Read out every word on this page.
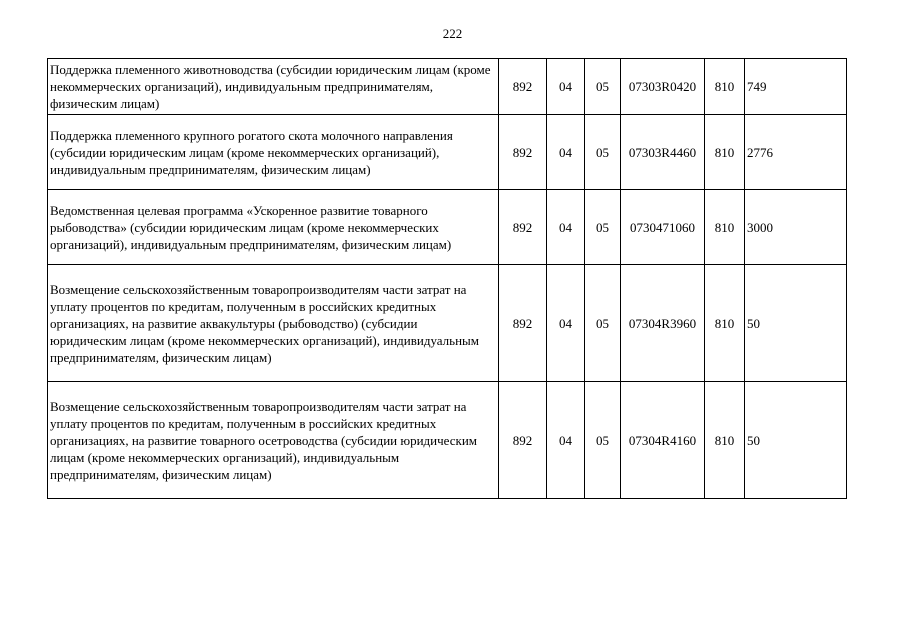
222
Поддержка племенного животноводства (субсидии юридическим лицам (кроме некоммерческих организаций), индивидуальным предпринимателям, физическим лицам)	892	04	05	07303R0420	810	749
Поддержка племенного крупного рогатого скота молочного направления (субсидии юридическим лицам (кроме некоммерческих организаций), индивидуальным предпринимателям, физическим лицам)	892	04	05	07303R4460	810	2776
Ведомственная целевая программа «Ускоренное развитие товарного рыбоводства» (субсидии юридическим лицам (кроме некоммерческих организаций), индивидуальным предпринимателям, физическим лицам)	892	04	05	0730471060	810	3000
Возмещение сельскохозяйственным товаропроизводителям части затрат на уплату процентов по кредитам, полученным в российских кредитных организациях, на развитие аквакультуры (рыбоводство) (субсидии юридическим лицам (кроме некоммерческих организаций), индивидуальным предпринимателям, физическим лицам)	892	04	05	07304R3960	810	50
Возмещение сельскохозяйственным товаропроизводителям части затрат на уплату процентов по кредитам, полученным в российских кредитных организациях, на развитие товарного осетроводства (субсидии юридическим лицам (кроме некоммерческих организаций), индивидуальным предпринимателям, физическим лицам)	892	04	05	07304R4160	810	50
